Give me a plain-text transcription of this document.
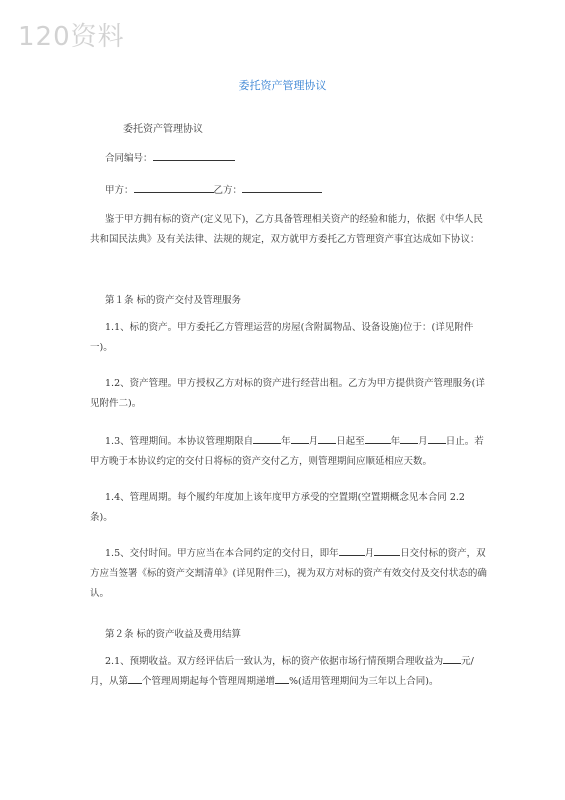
120资料
委托资产管理协议
委托资产管理协议
合同编号：
甲方：	乙方：
鉴于甲方拥有标的资产(定义见下)，乙方具备管理相关资产的经验和能力，依据《中华人民共和国民法典》及有关法律、法规的规定，双方就甲方委托乙方管理资产事宜达成如下协议：
第１条 标的资产交付及管理服务
1.1、标的资产。甲方委托乙方管理运营的房屋(含附属物品、设备设施)位于：(详见附件一)。
1.2、资产管理。甲方授权乙方对标的资产进行经营出租。乙方为甲方提供资产管理服务(详见附件二)。
1.3、管理期间。本协议管理期限自	年 月 日起至	年 月 日止。若甲方晚于本协议约定的交付日将标的资产交付乙方，则管理期间应顺延相应天数。
1.4、管理周期。每个履约年度加上该年度甲方承受的空置期(空置期概念见本合同 2.2 条)。
1.5、交付时间。甲方应当在本合同约定的交付日，即年	月	日交付标的资产，双方应当签署《标的资产交割清单》(详见附件三)，视为双方对标的资产有效交付及交付状态的确认。
第２条 标的资产收益及费用结算
2.1、预期收益。双方经评估后一致认为，标的资产依据市场行情预期合理收益为 元/月，从第 个管理周期起每个管理周期递增 %(适用管理期间为三年以上合同)。
